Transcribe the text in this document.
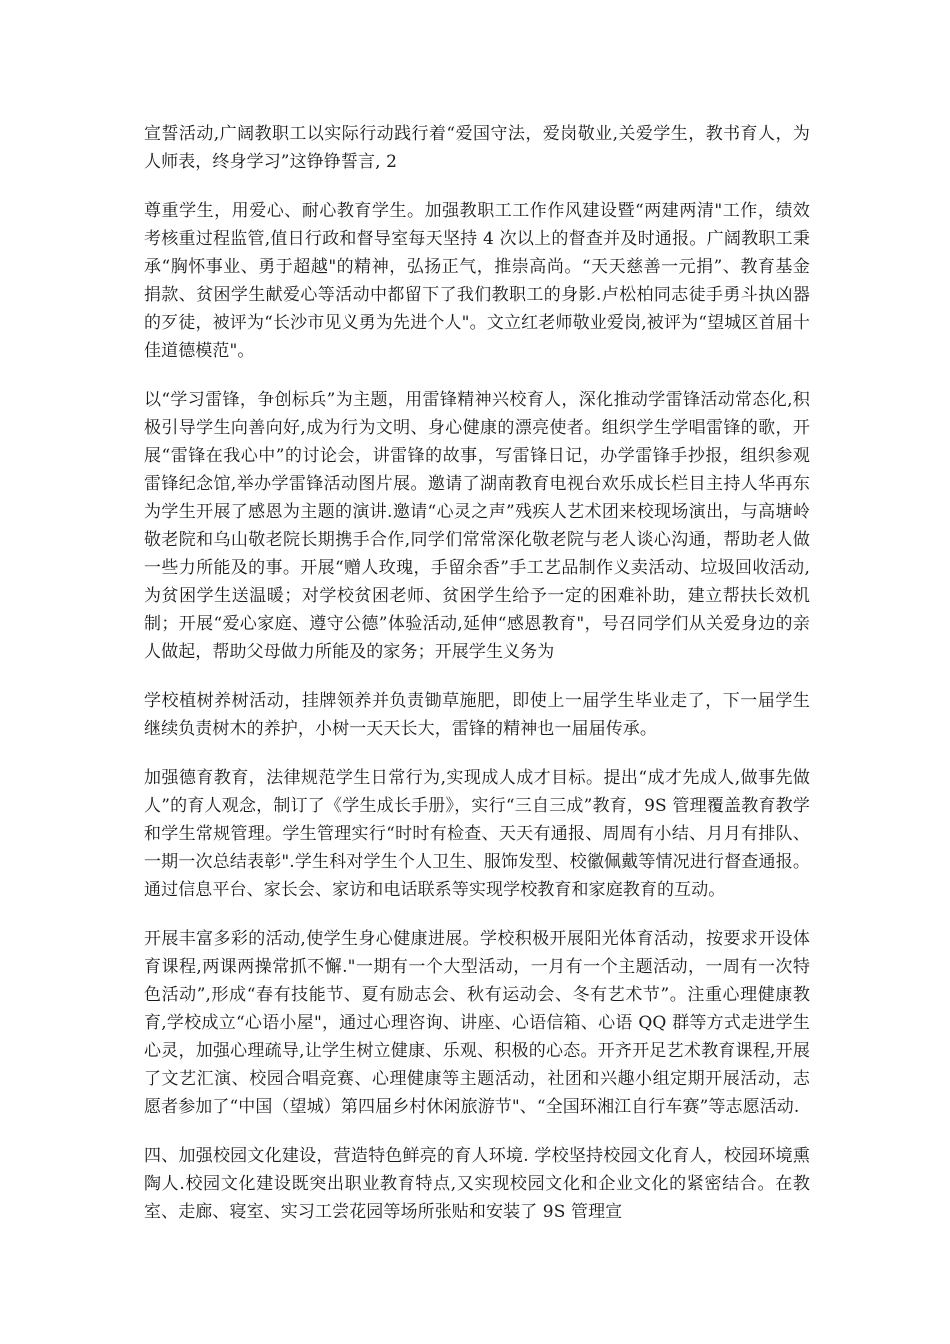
宣誓活动,广阔教职工以实际行动践行着“爱国守法，爱岗敬业,关爱学生，教书育人，为人师表，终身学习”这铮铮誓言, 2

尊重学生，用爱心、耐心教育学生。加强教职工工作作风建设暨“两建两清"工作，绩效考核重过程监管,值日行政和督导室每天坚持 4 次以上的督查并及时通报。广阔教职工秉承“胸怀事业、勇于超越"的精神，弘扬正气，推崇高尚。“天天慈善一元捐”、教育基金捐款、贫困学生献爱心等活动中都留下了我们教职工的身影.卢松柏同志徒手勇斗执凶器的歹徒，被评为“长沙市见义勇为先进个人"。文立红老师敬业爱岗,被评为“望城区首届十佳道德模范"。

以“学习雷锋，争创标兵”为主题，用雷锋精神兴校育人，深化推动学雷锋活动常态化,积极引导学生向善向好,成为行为文明、身心健康的漂亮使者。组织学生学唱雷锋的歌，开展“雷锋在我心中”的讨论会，讲雷锋的故事，写雷锋日记，办学雷锋手抄报，组织参观雷锋纪念馆,举办学雷锋活动图片展。邀请了湖南教育电视台欢乐成长栏目主持人华再东为学生开展了感恩为主题的演讲.邀请“心灵之声”残疾人艺术团来校现场演出，与高塘岭敬老院和乌山敬老院长期携手合作,同学们常常深化敬老院与老人谈心沟通，帮助老人做一些力所能及的事。开展“赠人玫瑰，手留余香”手工艺品制作义卖活动、垃圾回收活动,为贫困学生送温暖；对学校贫困老师、贫困学生给予一定的困难补助，建立帮扶长效机制；开展“爱心家庭、遵守公德”体验活动,延伸“感恩教育"，号召同学们从关爱身边的亲人做起，帮助父母做力所能及的家务；开展学生义务为

学校植树养树活动，挂牌领养并负责锄草施肥，即使上一届学生毕业走了，下一届学生继续负责树木的养护，小树一天天长大，雷锋的精神也一届届传承。

加强德育教育，法律规范学生日常行为,实现成人成才目标。提出“成才先成人,做事先做人”的育人观念，制订了《学生成长手册》，实行“三自三成”教育，9S 管理覆盖教育教学和学生常规管理。学生管理实行“时时有检查、天天有通报、周周有小结、月月有排队、一期一次总结表彰".学生科对学生个人卫生、服饰发型、校徽佩戴等情况进行督查通报。通过信息平台、家长会、家访和电话联系等实现学校教育和家庭教育的互动。

开展丰富多彩的活动,使学生身心健康进展。学校积极开展阳光体育活动，按要求开设体育课程,两课两操常抓不懈."一期有一个大型活动，一月有一个主题活动，一周有一次特色活动”,形成“春有技能节、夏有励志会、秋有运动会、冬有艺术节”。注重心理健康教育,学校成立“心语小屋"，通过心理咨询、讲座、心语信箱、心语 QQ 群等方式走进学生心灵，加强心理疏导,让学生树立健康、乐观、积极的心态。开齐开足艺术教育课程,开展了文艺汇演、校园合唱竞赛、心理健康等主题活动，社团和兴趣小组定期开展活动，志愿者参加了“中国（望城）第四届乡村休闲旅游节"、“全国环湘江自行车赛”等志愿活动.

四、加强校园文化建设，营造特色鲜亮的育人环境. 学校坚持校园文化育人，校园环境熏陶人.校园文化建设既突出职业教育特点,又实现校园文化和企业文化的紧密结合。在教室、走廊、寝室、实习工尝花园等场所张贴和安装了 9S 管理宣
